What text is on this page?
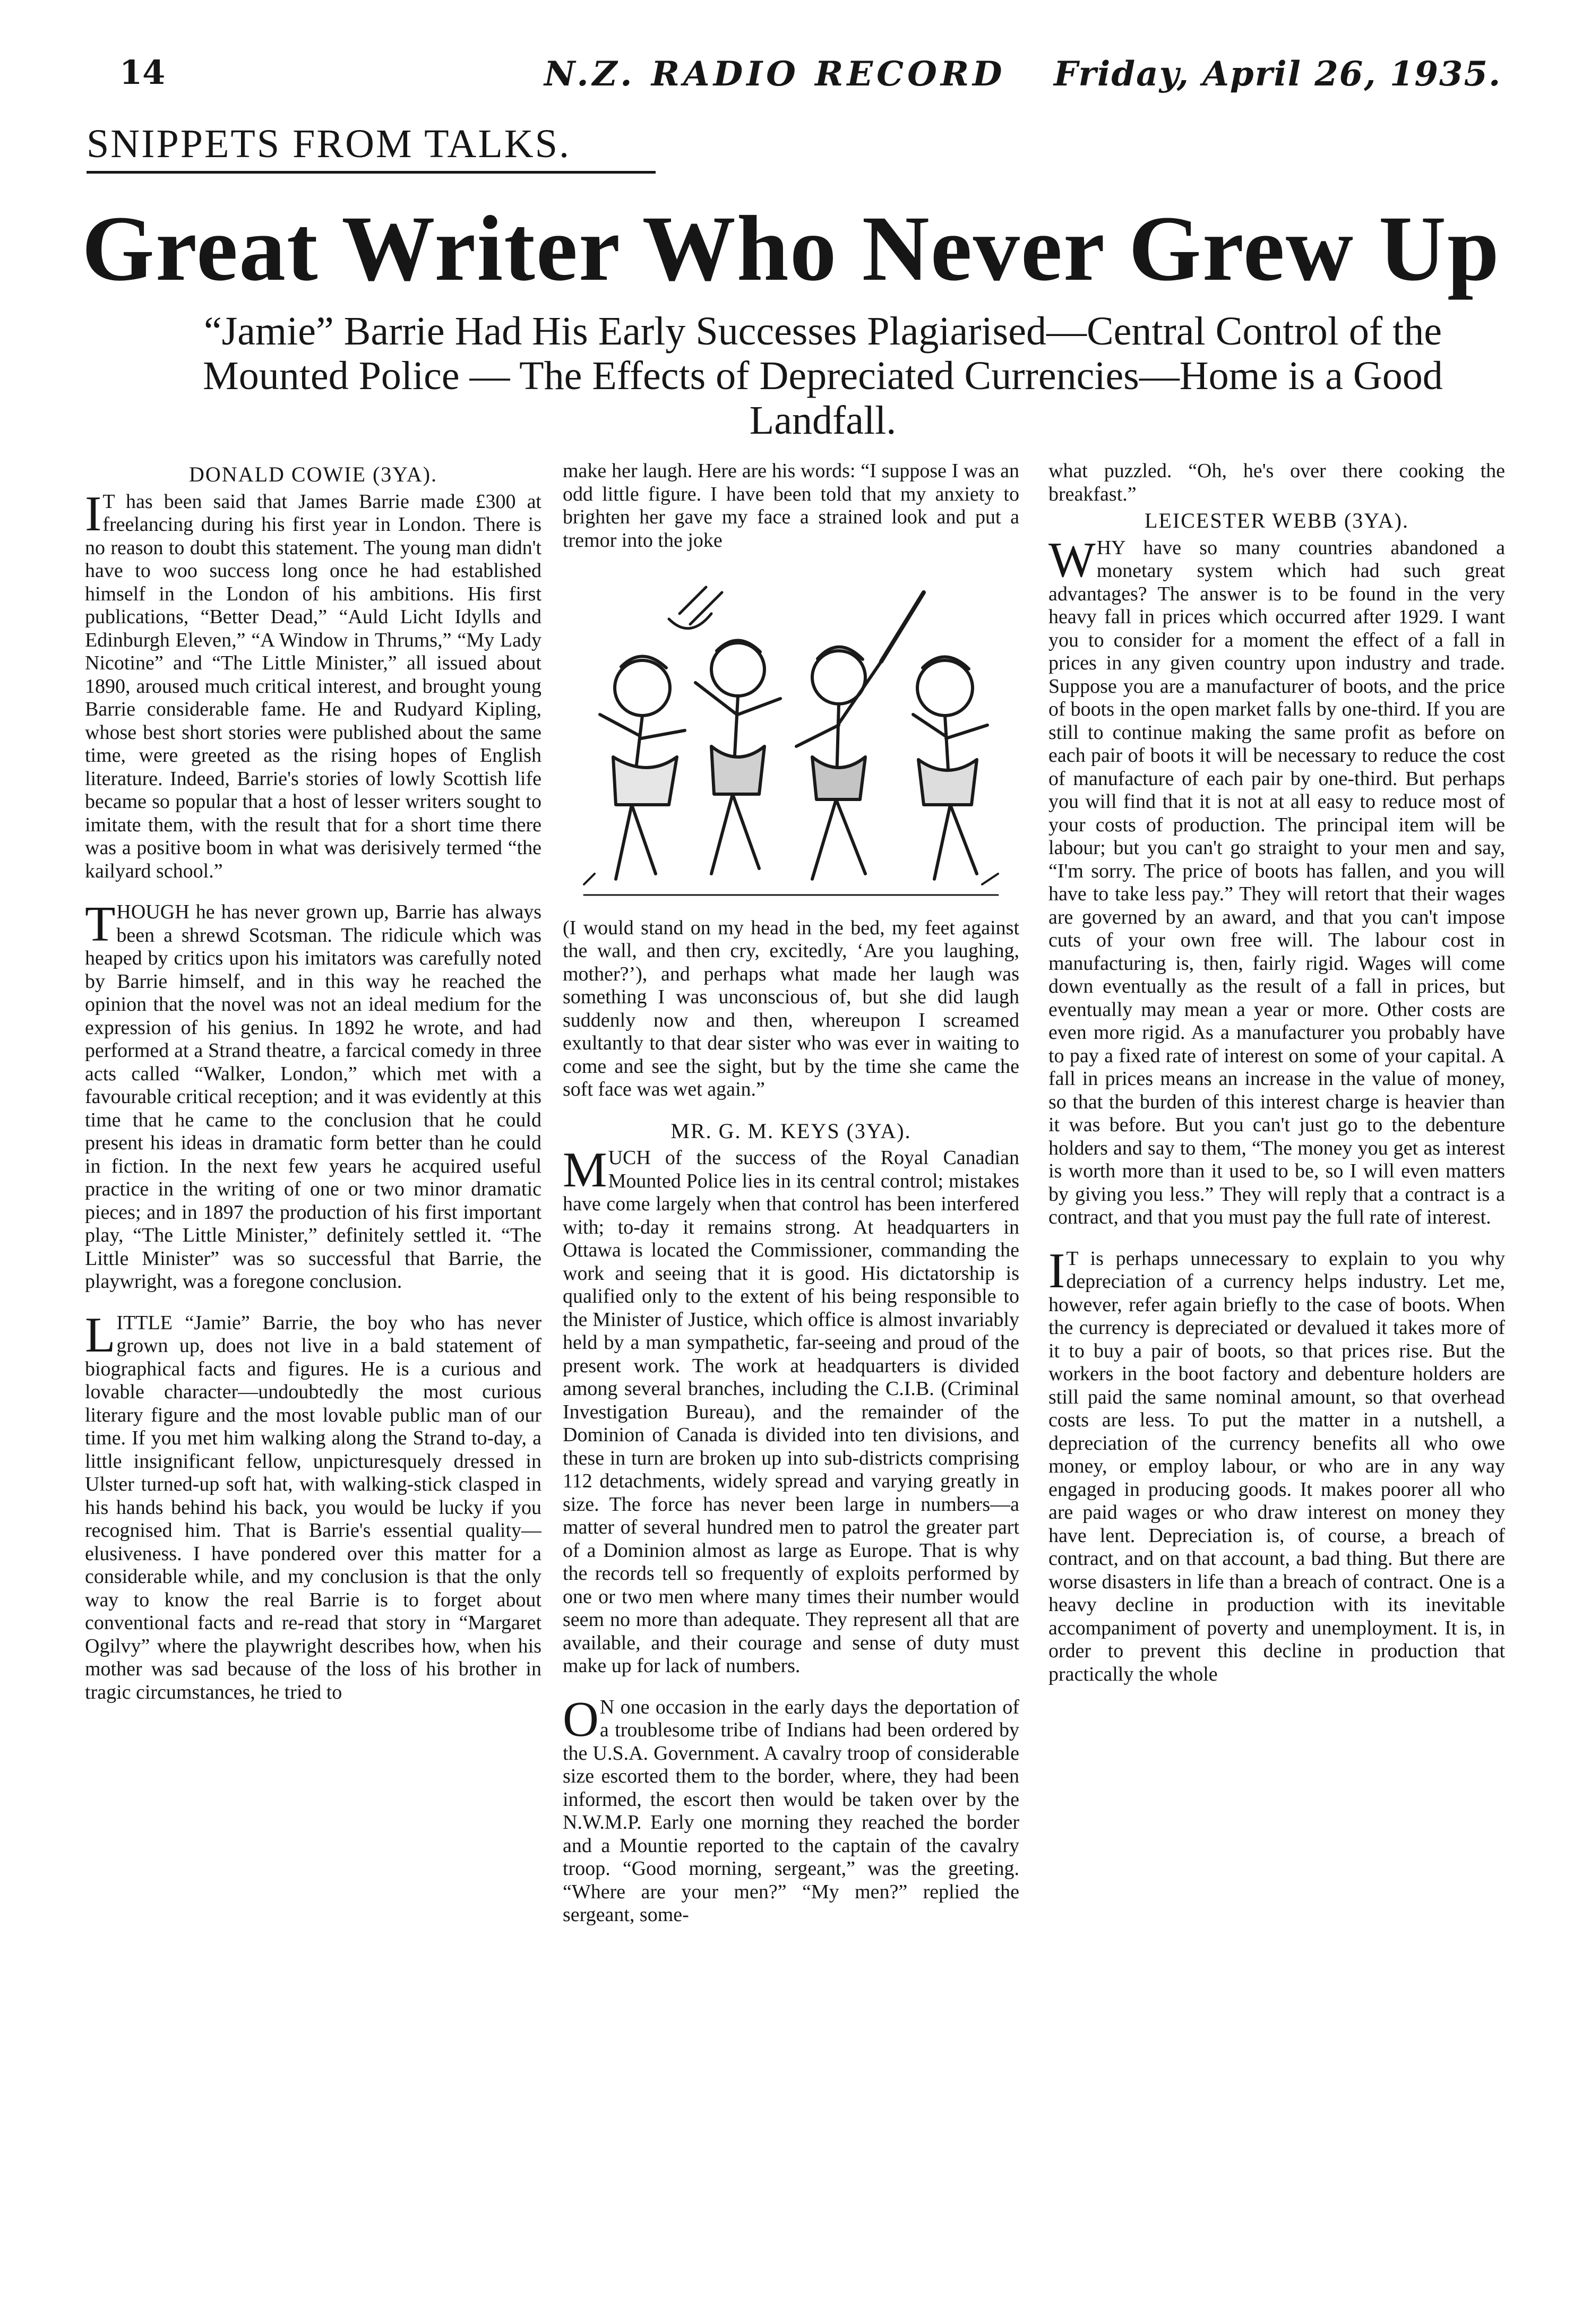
14	N.Z. RADIO RECORD Friday, April 26, 1935.
SNIPPETS FROM TALKS.
Great Writer Who Never Grew Up
“Jamie” Barrie Had His Early Successes Plagiarised—Central Control of the Mounted Police — The Effects of Depreciated Currencies—Home is a Good Landfall.
DONALD COWIE (3YA).

I T has been said that James Barrie made £300 at freelancing during his first year in London. There is no reason to doubt this statement. The young man didn't have to woo success long once he had established himself in the London of his ambitions. His first publications, “Better Dead,” “Auld Licht Idylls and Edinburgh Eleven,” “A Window in Thrums,” “My Lady Nicotine” and “The Little Minister,” all issued about 1890, aroused much critical interest, and brought young Barrie considerable fame. He and Rudyard Kipling, whose best short stories were published about the same time, were greeted as the rising hopes of English literature. Indeed, Barrie's stories of lowly Scottish life became so popular that a host of lesser writers sought to imitate them, with the result that for a short time there was a positive boom in what was derisively termed “the kailyard school.”

THOUGH he has never grown up, Barrie has always been a shrewd Scotsman. The ridicule which was heaped by critics upon his imitators was carefully noted by Barrie himself, and in this way he reached the opinion that the novel was not an ideal medium for the expression of his genius. In 1892 he wrote, and had performed at a Strand theatre, a farcical comedy in three acts called “Walker, London,” which met with a favourable critical reception; and it was evidently at this time that he came to the conclusion that he could present his ideas in dramatic form better than he could in fiction. In the next few years he acquired useful practice in the writing of one or two minor dramatic pieces; and in 1897 the production of his first important play, “The Little Minister,” definitely settled it. “The Little Minister” was so successful that Barrie, the playwright, was a foregone conclusion.

LITTLE “Jamie” Barrie, the boy who has never grown up, does not live in a bald statement of biographical facts and figures. He is a curious and lovable character—undoubtedly the most curious literary figure and the most lovable public man of our time. If you met him walking along the Strand to-day, a little insignificant fellow, unpicturesquely dressed in Ulster turned-up soft hat, with walking-stick clasped in his hands behind his back, you would be lucky if you recognised him. That is Barrie's essential quality—elusiveness. I have pondered over this matter for a considerable while, and my conclusion is that the only way to know the real Barrie is to forget about conventional facts and re-read that story in “Margaret Ogilvy” where the playwright describes how, when his mother was sad because of the loss of his brother in tragic circumstances, he tried to

make her laugh. Here are his words: “I suppose I was an odd little figure. I have been told that my anxiety to brighten her gave my face a strained look and put a tremor into the joke

(I would stand on my head in the bed, my feet against the wall, and then cry, excitedly, ‘Are you laughing, mother?’), and perhaps what made her laugh was something I was unconscious of, but she did laugh suddenly now and then, whereupon I screamed exultantly to that dear sister who was ever in waiting to come and see the sight, but by the time she came the soft face was wet again.”

MR. G. M. KEYS (3YA).

MUCH of the success of the Royal Canadian Mounted Police lies in its central control; mistakes have come largely when that control has been interfered with; to-day it remains strong. At headquarters in Ottawa is located the Commissioner, commanding the work and seeing that it is good. His dictatorship is qualified only to the extent of his being responsible to the Minister of Justice, which office is almost invariably held by a man sympathetic, far-seeing and proud of the present work. The work at headquarters is divided among several branches, including the C.I.B. (Criminal Investigation Bureau), and the remainder of the Dominion of Canada is divided into ten divisions, and these in turn are broken up into sub-districts comprising 112 detachments, widely spread and varying greatly in size. The force has never been large in numbers—a matter of several hundred men to patrol the greater part of a Dominion almost as large as Europe. That is why the records tell so frequently of exploits performed by one or two men where many times their number would seem no more than adequate. They represent all that are available, and their courage and sense of duty must make up for lack of numbers.

O N one occasion in the early days the deportation of a troublesome tribe of Indians had been ordered by the U.S.A. Government. A cavalry troop of considerable size escorted them to the border, where, they had been informed, the escort then would be taken over by the N.W.M.P. Early one morning they reached the border and a Mountie reported to the captain of the cavalry troop. “Good morning, sergeant,” was the greeting. “Where are your men?” “My men?” replied the sergeant, some-

what puzzled. “Oh, he's over there cooking the breakfast.”

LEICESTER WEBB (3YA).

WHY have so many countries abandoned a monetary system which had such great advantages? The answer is to be found in the very heavy fall in prices which occurred after 1929. I want you to consider for a moment the effect of a fall in prices in any given country upon industry and trade. Suppose you are a manufacturer of boots, and the price of boots in the open market falls by one-third. If you are still to continue making the same profit as before on each pair of boots it will be necessary to reduce the cost of manufacture of each pair by one-third. But perhaps you will find that it is not at all easy to reduce most of your costs of production. The principal item will be labour; but you can't go straight to your men and say, “I'm sorry. The price of boots has fallen, and you will have to take less pay.” They will retort that their wages are governed by an award, and that you can't impose cuts of your own free will. The labour cost in manufacturing is, then, fairly rigid. Wages will come down eventually as the result of a fall in prices, but eventually may mean a year or more. Other costs are even more rigid. As a manufacturer you probably have to pay a fixed rate of interest on some of your capital. A fall in prices means an increase in the value of money, so that the burden of this interest charge is heavier than it was before. But you can't just go to the debenture holders and say to them, “The money you get as interest is worth more than it used to be, so I will even matters by giving you less.” They will reply that a contract is a contract, and that you must pay the full rate of interest.

I T is perhaps unnecessary to explain to you why depreciation of a currency helps industry. Let me, however, refer again briefly to the case of boots. When the currency is depreciated or devalued it takes more of it to buy a pair of boots, so that prices rise. But the workers in the boot factory and debenture holders are still paid the same nominal amount, so that overhead costs are less. To put the matter in a nutshell, a depreciation of the currency benefits all who owe money, or employ labour, or who are in any way engaged in producing goods. It makes poorer all who are paid wages or who draw interest on money they have lent. Depreciation is, of course, a breach of contract, and on that account, a bad thing. But there are worse disasters in life than a breach of contract. One is a heavy decline in production with its inevitable accompaniment of poverty and unemployment. It is, in order to prevent this decline in production that practically the whole
